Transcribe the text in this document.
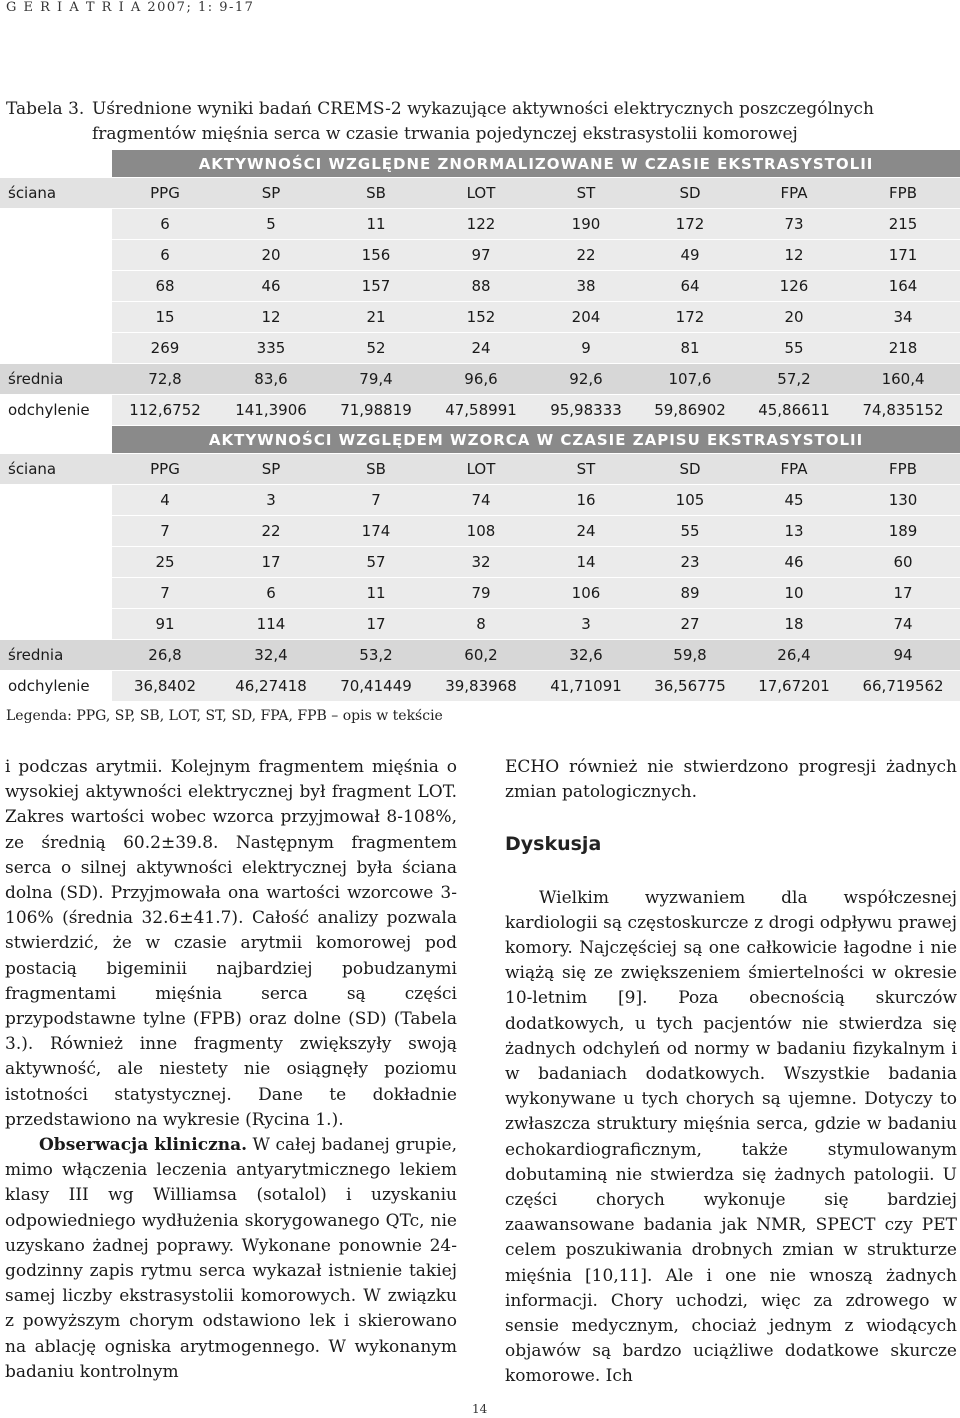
G E R I A T R I A 2007; 1: 9-17
Tabela 3. Uśrednione wyniki badań CREMS-2 wykazujące aktywności elektrycznych poszczególnych
fragmentów mięśnia serca w czasie trwania pojedynczej ekstrasystolii komorowej
	AKTYWNOŚCI WZGLĘDNE ZNORMALIZOWANE W CZASIE EKSTRASYSTOLII							
ściana	PPG	SP	SB	LOT	ST	SD	FPA	FPB
	6	5	11	122	190	172	73	215
	6	20	156	97	22	49	12	171
	68	46	157	88	38	64	126	164
	15	12	21	152	204	172	20	34
	269	335	52	24	9	81	55	218
średnia	72,8	83,6	79,4	96,6	92,6	107,6	57,2	160,4
odchylenie	112,6752	141,3906	71,98819	47,58991	95,98333	59,86902	45,86611	74,835152
	AKTYWNOŚCI WZGLĘDEM WZORCA W CZASIE ZAPISU EKSTRASYSTOLII							
ściana	PPG	SP	SB	LOT	ST	SD	FPA	FPB
	4	3	7	74	16	105	45	130
	7	22	174	108	24	55	13	189
	25	17	57	32	14	23	46	60
	7	6	11	79	106	89	10	17
	91	114	17	8	3	27	18	74
średnia	26,8	32,4	53,2	60,2	32,6	59,8	26,4	94
odchylenie	36,8402	46,27418	70,41449	39,83968	41,71091	36,56775	17,67201	66,719562
Legenda: PPG, SP, SB, LOT, ST, SD, FPA, FPB – opis w tekście

i podczas arytmii. Kolejnym fragmentem mięśnia o wysokiej aktywności elektrycznej był fragment LOT. Zakres wartości wobec wzorca przyjmował 8-108%, ze średnią 60.2±39.8. Następnym fragmentem serca o silnej aktywności elektrycznej była ściana dolna (SD). Przyjmowała ona wartości wzorcowe 3-106% (średnia 32.6±41.7). Całość analizy pozwala stwierdzić, że w czasie arytmii komorowej pod postacią bigeminii najbardziej pobudzanymi fragmentami mięśnia serca są części przypodstawne tylne (FPB) oraz dolne (SD) (Tabela 3.). Również inne fragmenty zwiększyły swoją aktywność, ale niestety nie osiągnęły poziomu istotności statystycznej. Dane te dokładnie przedstawiono na wykresie (Rycina 1.).

Obserwacja kliniczna. W całej badanej grupie, mimo włączenia leczenia antyarytmicznego lekiem klasy III wg Williamsa (sotalol) i uzyskaniu odpowiedniego wydłużenia skorygowanego QTc, nie uzyskano żadnej poprawy. Wykonane ponownie 24-godzinny zapis rytmu serca wykazał istnienie takiej samej liczby ekstrasystolii komorowych. W związku z powyższym chorym odstawiono lek i skierowano na ablację ogniska arytmogennego. W wykonanym badaniu kontrolnym

ECHO również nie stwierdzono progresji żadnych zmian patologicznych.

Dyskusja

Wielkim wyzwaniem dla współczesnej kardiologii są częstoskurcze z drogi odpływu prawej komory. Najczęściej są one całkowicie łagodne i nie wiążą się ze zwiększeniem śmiertelności w okresie 10-letnim [9]. Poza obecnością skurczów dodatkowych, u tych pacjentów nie stwierdza się żadnych odchyleń od normy w badaniu fizykalnym i w badaniach dodatkowych. Wszystkie badania wykonywane u tych chorych są ujemne. Dotyczy to zwłaszcza struktury mięśnia serca, gdzie w badaniu echokardiograficznym, także stymulowanym dobutaminą nie stwierdza się żadnych patologii. U części chorych wykonuje się bardziej zaawansowane badania jak NMR, SPECT czy PET celem poszukiwania drobnych zmian w strukturze mięśnia [10,11]. Ale i one nie wnoszą żadnych informacji. Chory uchodzi, więc za zdrowego w sensie medycznym, chociaż jednym z wiodących objawów są bardzo uciążliwe dodatkowe skurcze komorowe. Ich

14
